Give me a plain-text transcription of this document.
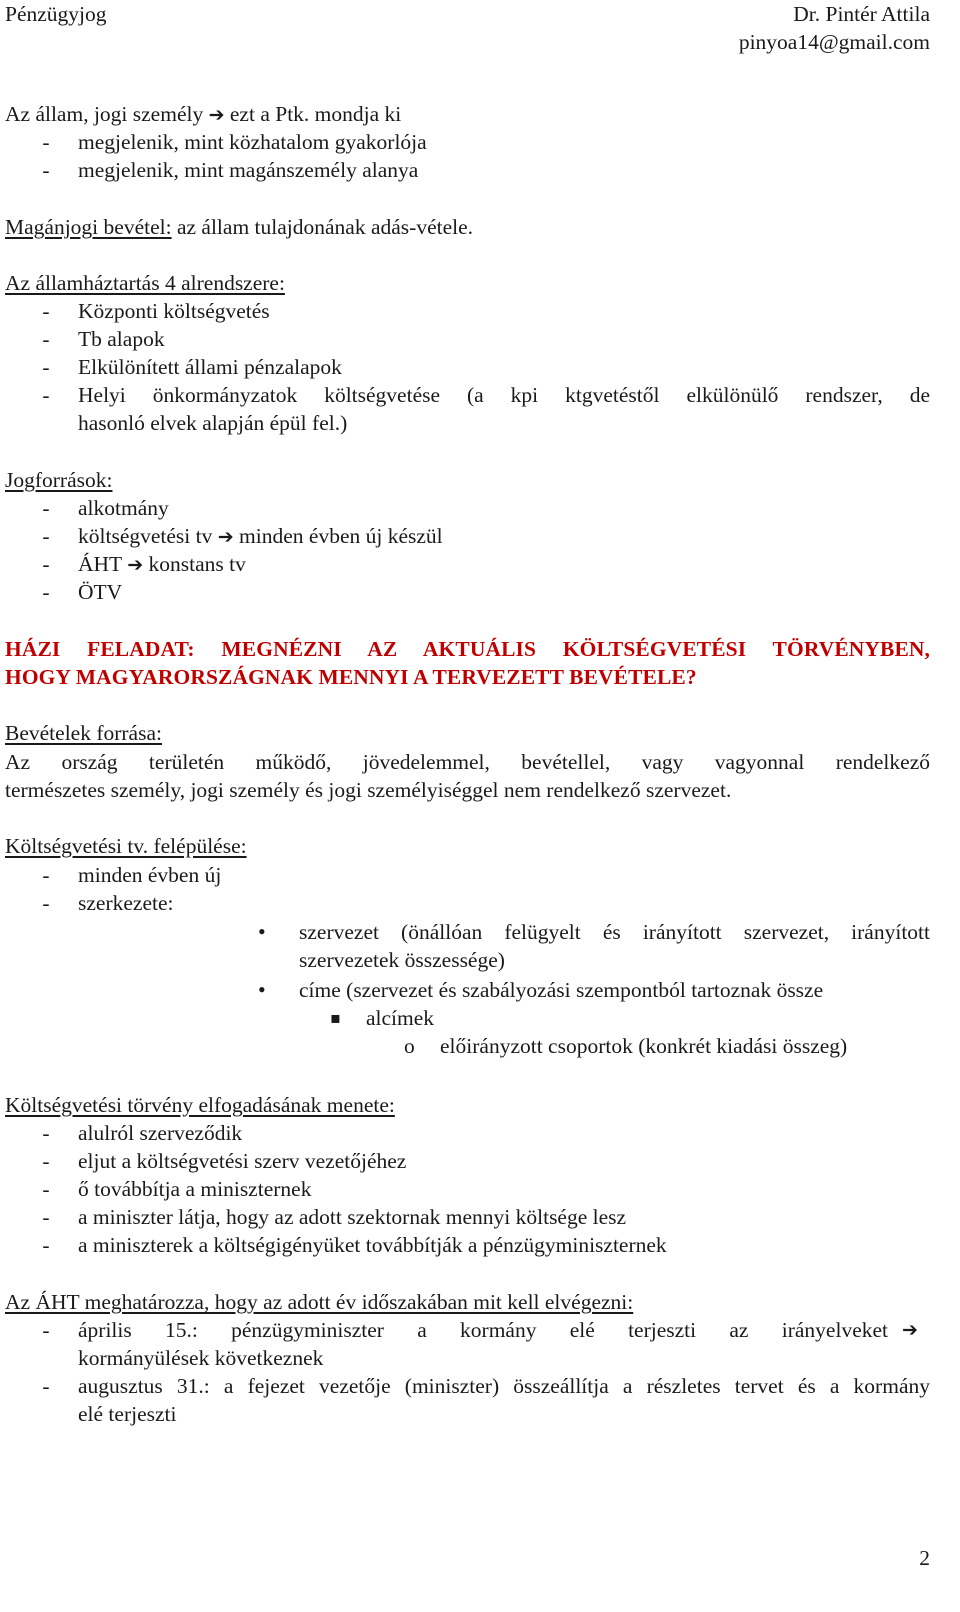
Pénzügyjog	Dr. Pintér Attila
pinyoa14@gmail.com
Az állam, jogi személy ➔ ezt a Ptk. mondja ki
- megjelenik, mint közhatalom gyakorlója
- megjelenik, mint magánszemély alanya
Magánjogi bevétel: az állam tulajdonának adás-vétele.
Az államháztartás 4 alrendszere:
- Központi költségvetés
- Tb alapok
- Elkülönített állami pénzalapok
- Helyi önkormányzatok költségvetése (a kpi ktgvetéstől elkülönülő rendszer, de
hasonló elvek alapján épül fel.)
Jogforrások:
- alkotmány
- költségvetési tv ➔ minden évben új készül
- ÁHT ➔ konstans tv
- ÖTV
HÁZI FELADAT: MEGNÉZNI AZ AKTUÁLIS KÖLTSÉGVETÉSI TÖRVÉNYBEN,
HOGY MAGYARORSZÁGNAK MENNYI A TERVEZETT BEVÉTELE?
Bevételek forrása:
Az ország területén működő, jövedelemmel, bevétellel, vagy vagyonnal rendelkező
természetes személy, jogi személy és jogi személyiséggel nem rendelkező szervezet.
Költségvetési tv. felépülése:
- minden évben új
- szerkezete:
• szervezet (önállóan felügyelt és irányított szervezet, irányított
szervezetek összessége)
• címe (szervezet és szabályozási szempontból tartoznak össze
▪ alcímek
o előirányzott csoportok (konkrét kiadási összeg)
Költségvetési törvény elfogadásának menete:
- alulról szerveződik
- eljut a költségvetési szerv vezetőjéhez
- ő továbbítja a miniszternek
- a miniszter látja, hogy az adott szektornak mennyi költsége lesz
- a miniszterek a költségigényüket továbbítják a pénzügyminiszternek
Az ÁHT meghatározza, hogy az adott év időszakában mit kell elvégezni:
- április 15.: pénzügyminiszter a kormány elé terjeszti az irányelveket ➔
kormányülések következnek
- augusztus 31.: a fejezet vezetője (miniszter) összeállítja a részletes tervet és a kormány
elé terjeszti
2
